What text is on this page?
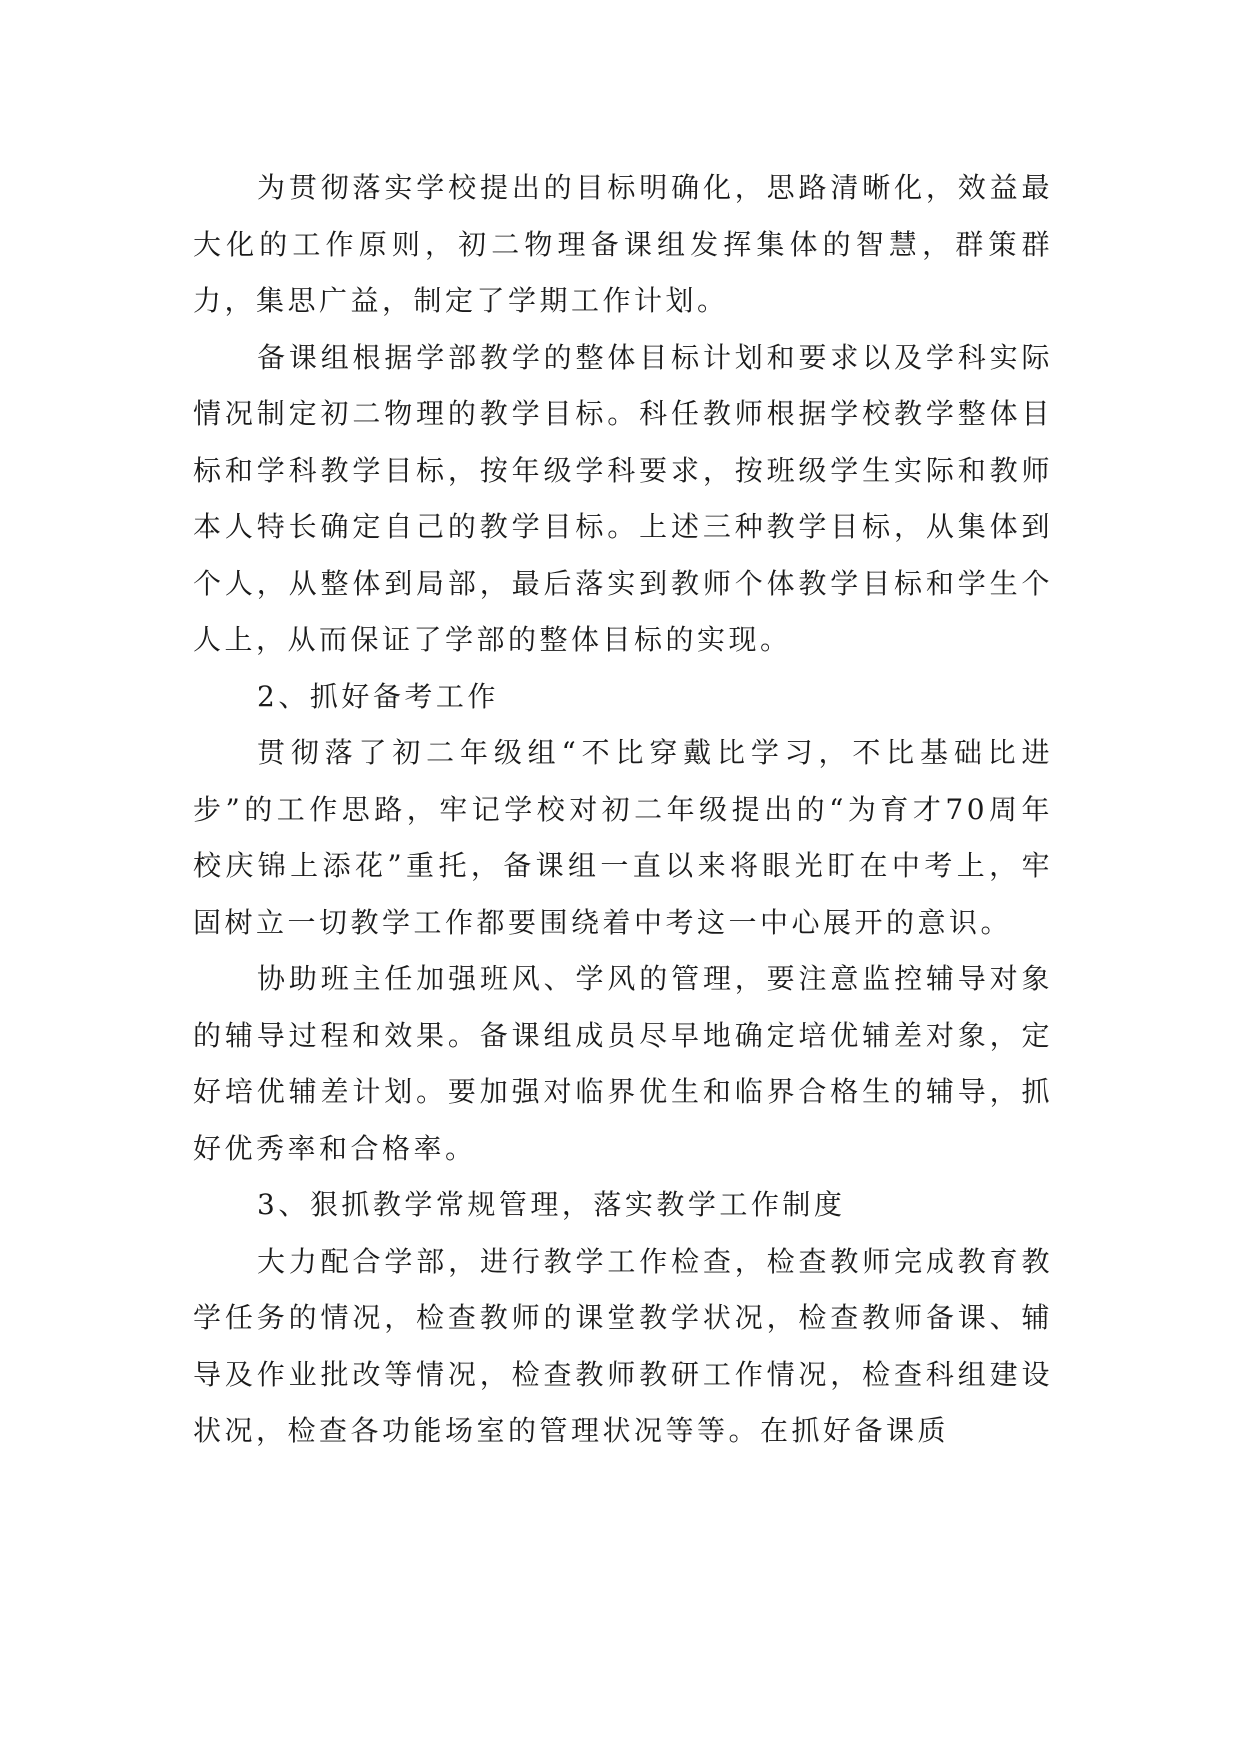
为贯彻落实学校提出的目标明确化，思路清晰化，效益最大化的工作原则，初二物理备课组发挥集体的智慧，群策群力，集思广益，制定了学期工作计划。

备课组根据学部教学的整体目标计划和要求以及学科实际情况制定初二物理的教学目标。科任教师根据学校教学整体目标和学科教学目标，按年级学科要求，按班级学生实际和教师本人特长确定自己的教学目标。上述三种教学目标，从集体到个人，从整体到局部，最后落实到教师个体教学目标和学生个人上，从而保证了学部的整体目标的实现。

2、抓好备考工作

贯彻落了初二年级组“不比穿戴比学习，不比基础比进步”的工作思路，牢记学校对初二年级提出的“为育才70周年校庆锦上添花”重托，备课组一直以来将眼光盯在中考上，牢固树立一切教学工作都要围绕着中考这一中心展开的意识。

协助班主任加强班风、学风的管理，要注意监控辅导对象的辅导过程和效果。备课组成员尽早地确定培优辅差对象，定好培优辅差计划。要加强对临界优生和临界合格生的辅导，抓好优秀率和合格率。

3、狠抓教学常规管理，落实教学工作制度

大力配合学部，进行教学工作检查，检查教师完成教育教学任务的情况，检查教师的课堂教学状况，检查教师备课、辅导及作业批改等情况，检查教师教研工作情况，检查科组建设状况，检查各功能场室的管理状况等等。在抓好备课质
